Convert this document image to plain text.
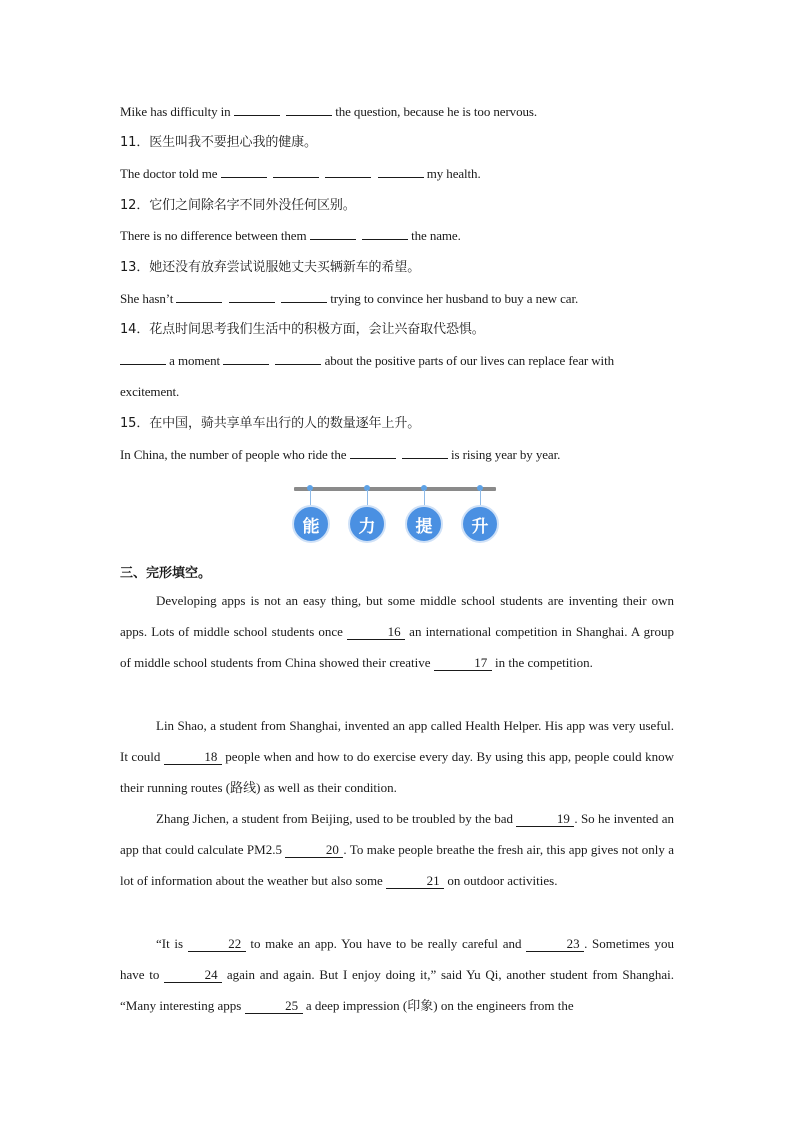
Mike has difficulty in	the question, because he is too nervous.
11．医生叫我不要担心我的健康。
The doctor told me	my health.
12．它们之间除名字不同外没任何区别。
There is no difference between them	the name.
13．她还没有放弃尝试说服她丈夫买辆新车的希望。
She hasn’t	trying to convince her husband to buy a new car.
14．花点时间思考我们生活中的积极方面，会让兴奋取代恐惧。
a moment	about the positive parts of our lives can replace fear with
excitement.
15．在中国，骑共享单车出行的人的数量逐年上升。
In China, the number of people who ride the	is rising year by year.
能	力	提	升
三、完形填空。
Developing apps is not an easy thing, but some middle school students are inventing their own apps. Lots of middle school students once	16 an international competition in Shanghai. A group of middle school students from China showed their creative	17 in the competition.
Lin Shao, a student from Shanghai, invented an app called Health Helper. His app was very useful. It could	18 people when and how to do exercise every day. By using this app, people could know their running routes (路线) as well as their condition.
Zhang Jichen, a student from Beijing, used to be troubled by the bad	19 . So he invented an app that could calculate PM2.5	20 . To make people breathe the fresh air, this app gives not only a lot of information about the weather but also some	21 on outdoor activities.
“It is	22 to make an app. You have to be really careful and	23 . Sometimes you have to	24 again and again. But I enjoy doing it,” said Yu Qi, another student from Shanghai. “Many interesting apps	25 a deep impression (印象) on the engineers from the
